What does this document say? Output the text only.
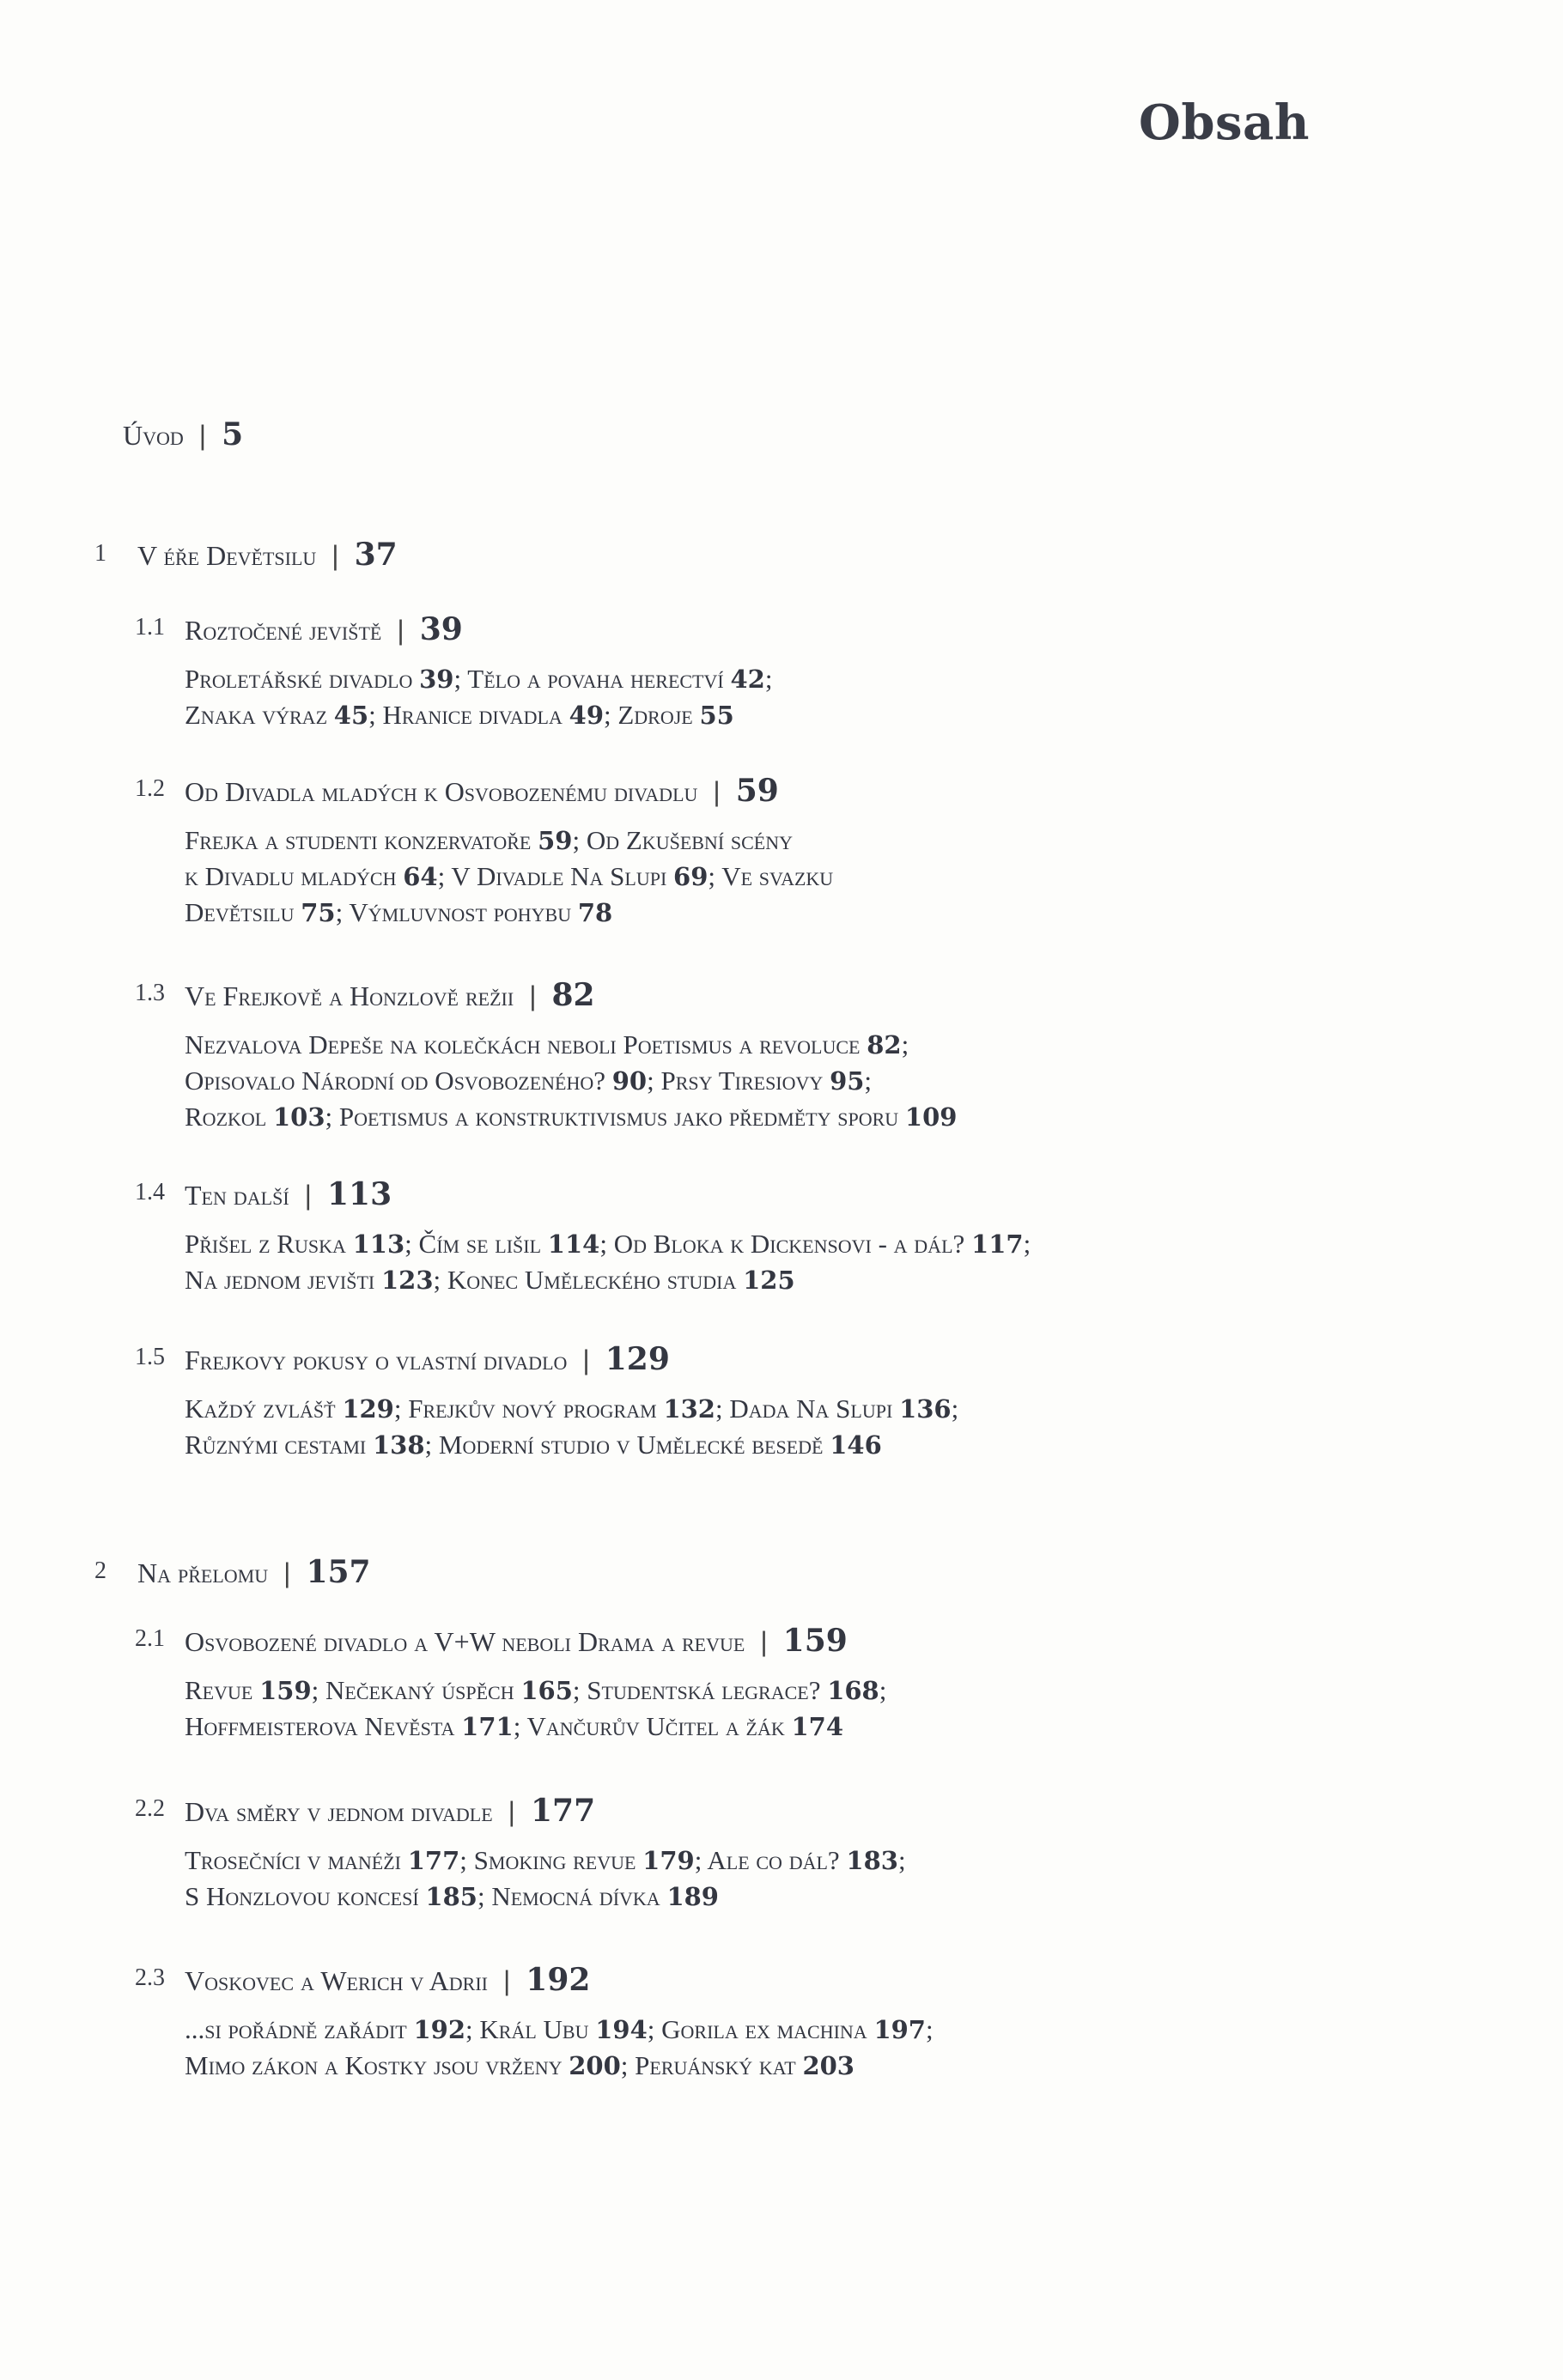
Obsah
Úvod | 5
1 V éře Devětsilu | 37
1.1 Roztočené jeviště | 39
Proletářské divadlo 39; Tělo a povaha herectví 42;
Znaka výraz 45; Hranice divadla 49; Zdroje 55
1.2 Od Divadla mladých k Osvobozenému divadlu | 59
Frejka a studenti konzervatoře 59; Od Zkušební scény
k Divadlu mladých 64; V Divadle Na Slupi 69; Ve svazku
Devětsilu 75; Výmluvnost pohybu 78
1.3 Ve Frejkově a Honzlově režii | 82
Nezvalova Depeše na kolečkách neboli Poetismus a revoluce 82;
Opisovalo Národní od Osvobozeného? 90; Prsy Tiresiovy 95;
Rozkol 103; Poetismus a konstruktivismus jako předměty sporu 109
1.4 Ten další | 113
Přišel z Ruska 113; Čím se lišil 114; Od Bloka k Dickensovi - a dál? 117;
Na jednom jevišti 123; Konec Uměleckého studia 125
1.5 Frejkovy pokusy o vlastní divadlo | 129
Každý zvlášť 129; Frejkův nový program 132; Dada Na Slupi 136;
Různými cestami 138; Moderní studio v Umělecké besedě 146
2 Na přelomu | 157
2.1 Osvobozené divadlo a V+W neboli Drama a revue | 159
Revue 159; Nečekaný úspěch 165; Studentská legrace? 168;
Hoffmeisterova Nevěsta 171; Vančurův Učitel a žák 174
2.2 Dva směry v jednom divadle | 177
Trosečníci v manéži 177; Smoking revue 179; Ale co dál? 183;
S Honzlovou koncesí 185; Nemocná dívka 189
2.3 Voskovec a Werich v Adrii | 192
...si pořádně zařádit 192; Král Ubu 194; Gorila ex machina 197;
Mimo zákon a Kostky jsou vrženy 200; Peruánský kat 203
